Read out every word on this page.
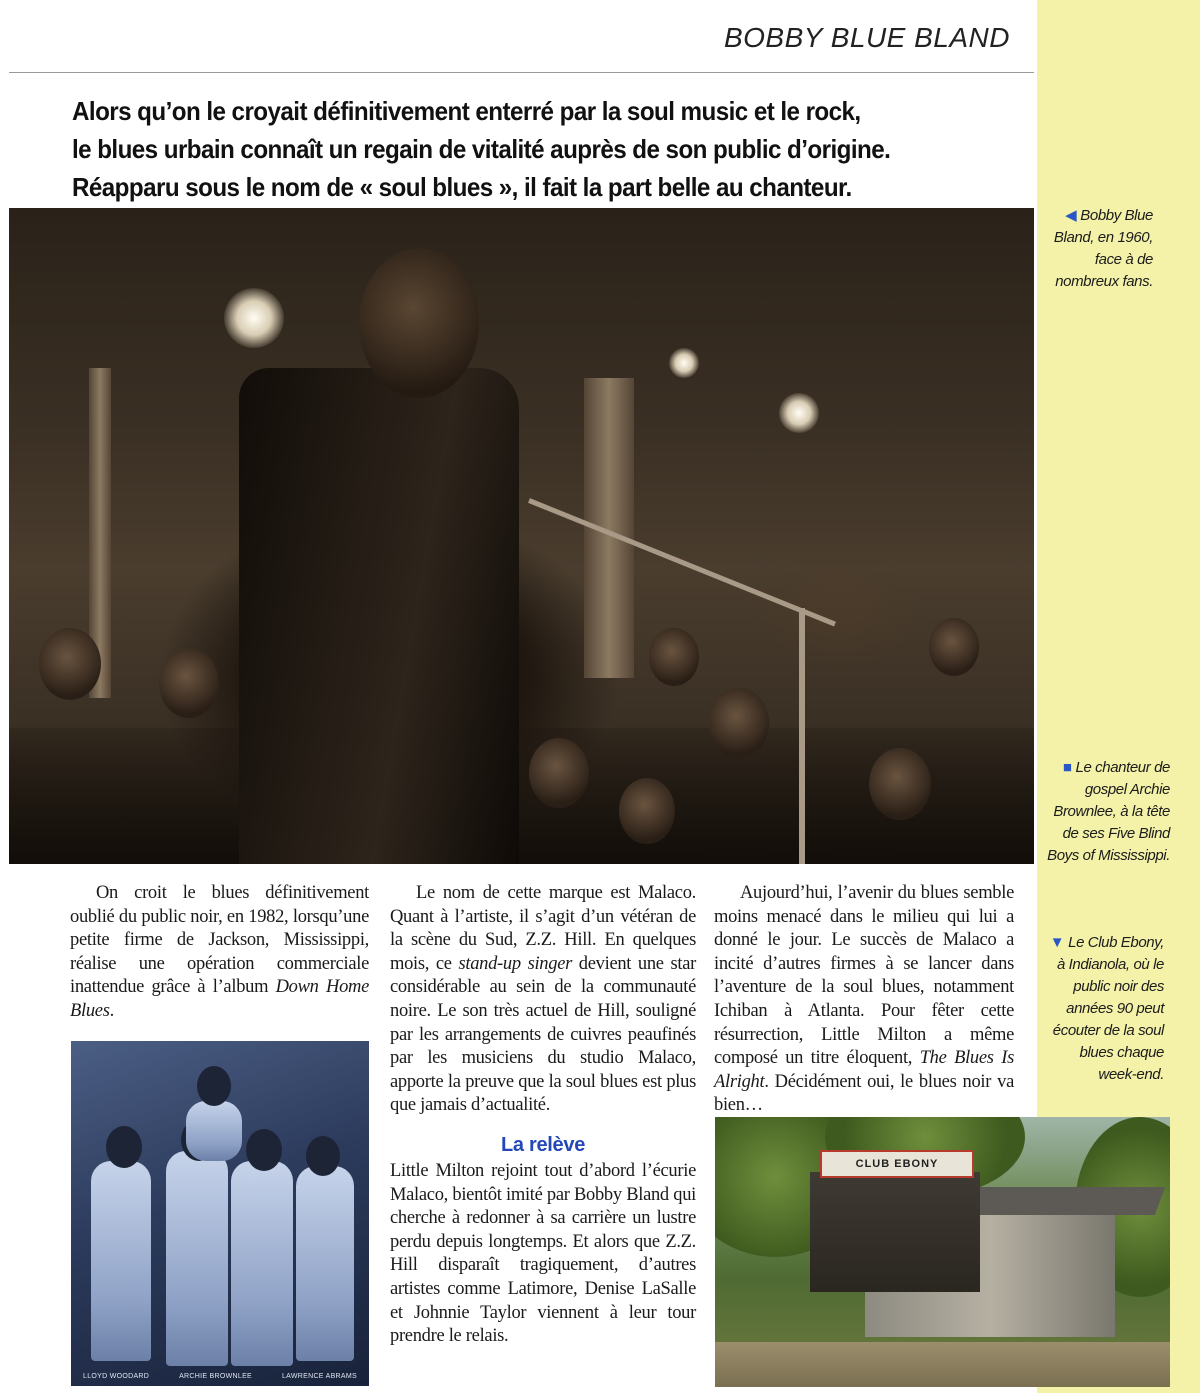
BOBBY BLUE BLAND
Alors qu’on le croyait définitivement enterré par la soul music et le rock,
le blues urbain connaît un regain de vitalité auprès de son public d’origine.
Réapparu sous le nom de « soul blues », il fait la part belle au chanteur.
◀ Bobby Blue Bland, en 1960, face à de nombreux fans.
■ Le chanteur de gospel Archie Brownlee, à la tête de ses Five Blind Boys of Mississippi.
▼ Le Club Ebony, à Indianola, où le public noir des années 90 peut écouter de la soul blues chaque week-end.

On croit le blues définitivement oublié du public noir, en 1982, lorsqu’une petite firme de Jackson, Mississippi, réalise une opération commerciale inattendue grâce à l’album Down Home Blues.

LLOYD WOODARD	ARCHIE BROWNLEE	LAWRENCE ABRAMS

Le nom de cette marque est Malaco. Quant à l’artiste, il s’agit d’un vétéran de la scène du Sud, Z.Z. Hill. En quelques mois, ce stand-up singer devient une star considérable au sein de la communauté noire. Le son très actuel de Hill, souligné par les arrangements de cuivres peaufinés par les musiciens du studio Malaco, apporte la preuve que la soul blues est plus que jamais d’actualité.

La relève

Little Milton rejoint tout d’abord l’écurie Malaco, bientôt imité par Bobby Bland qui cherche à redonner à sa carrière un lustre perdu depuis longtemps. Et alors que Z.Z. Hill disparaît tragiquement, d’autres artistes comme Latimore, Denise LaSalle et Johnnie Taylor viennent à leur tour prendre le relais.

Aujourd’hui, l’avenir du blues semble moins menacé dans le milieu qui lui a donné le jour. Le succès de Malaco a incité d’autres firmes à se lancer dans l’aventure de la soul blues, notamment Ichiban à Atlanta. Pour fêter cette résurrection, Little Milton a même composé un titre éloquent, The Blues Is Alright. Décidément oui, le blues noir va bien…

CLUB EBONY
